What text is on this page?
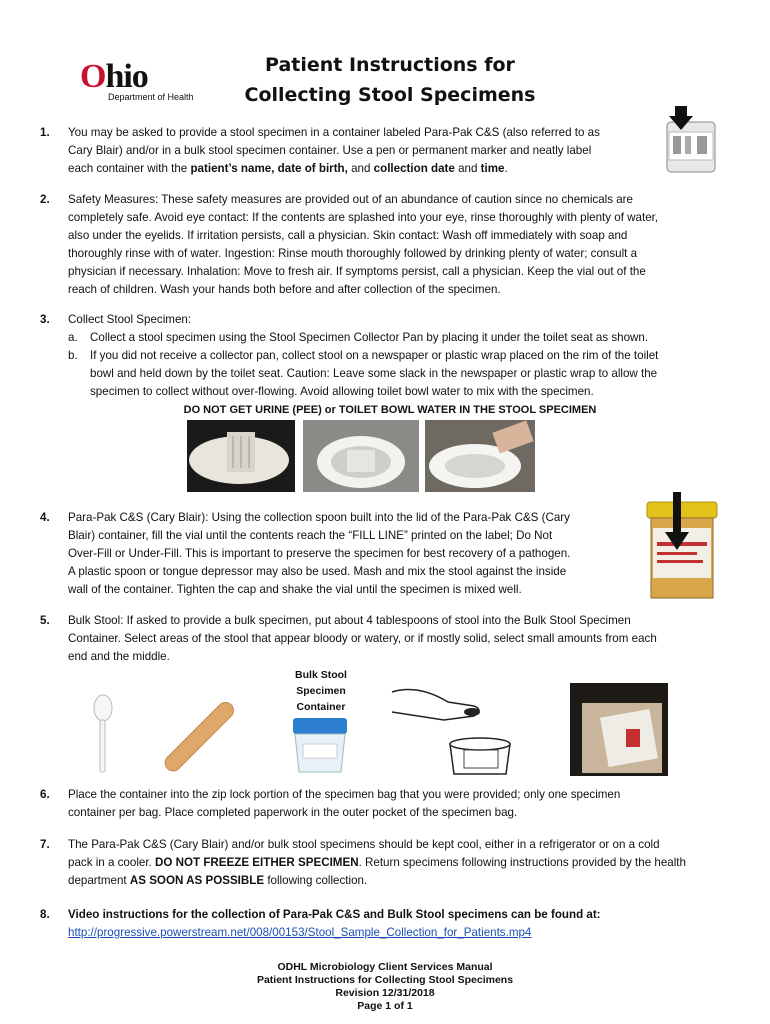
Ohio
Department of Health
Patient Instructions for
Collecting Stool Specimens
1. You may be asked to provide a stool specimen in a container labeled Para-Pak C&S (also referred to as
Cary Blair) and/or in a bulk stool specimen container. Use a pen or permanent marker and neatly label
each container with the patient’s name, date of birth, and collection date and time.
2. Safety Measures: These safety measures are provided out of an abundance of caution since no chemicals are
completely safe. Avoid eye contact: If the contents are splashed into your eye, rinse thoroughly with plenty of water,
also under the eyelids. If irritation persists, call a physician. Skin contact: Wash off immediately with soap and
thoroughly rinse with of water. Ingestion: Rinse mouth thoroughly followed by drinking plenty of water; consult a
physician if necessary. Inhalation: Move to fresh air. If symptoms persist, call a physician. Keep the vial out of the
reach of children. Wash your hands both before and after collection of the specimen.
3. Collect Stool Specimen:
a. Collect a stool specimen using the Stool Specimen Collector Pan by placing it under the toilet seat as shown.
b. If you did not receive a collector pan, collect stool on a newspaper or plastic wrap placed on the rim of the toilet
bowl and held down by the toilet seat. Caution: Leave some slack in the newspaper or plastic wrap to allow the
specimen to collect without over-flowing. Avoid allowing toilet bowl water to mix with the specimen.
DO NOT GET URINE (PEE) or TOILET BOWL WATER IN THE STOOL SPECIMEN
4. Para-Pak C&S (Cary Blair): Using the collection spoon built into the lid of the Para-Pak C&S (Cary
Blair) container, fill the vial until the contents reach the “FILL LINE” printed on the label; Do Not
Over-Fill or Under-Fill. This is important to preserve the specimen for best recovery of a pathogen.
A plastic spoon or tongue depressor may also be used. Mash and mix the stool against the inside
wall of the container. Tighten the cap and shake the vial until the specimen is mixed well.
5. Bulk Stool: If asked to provide a bulk specimen, put about 4 tablespoons of stool into the Bulk Stool Specimen
Container. Select areas of the stool that appear bloody or watery, or if mostly solid, select small amounts from each
end and the middle.
Bulk Stool
Specimen
Container
6. Place the container into the zip lock portion of the specimen bag that you were provided; only one specimen
container per bag. Place completed paperwork in the outer pocket of the specimen bag.
7. The Para-Pak C&S (Cary Blair) and/or bulk stool specimens should be kept cool, either in a refrigerator or on a cold
pack in a cooler. DO NOT FREEZE EITHER SPECIMEN. Return specimens following instructions provided by the health
department AS SOON AS POSSIBLE following collection.
8. Video instructions for the collection of Para-Pak C&S and Bulk Stool specimens can be found at:
http://progressive.powerstream.net/008/00153/Stool_Sample_Collection_for_Patients.mp4
ODHL Microbiology Client Services Manual
Patient Instructions for Collecting Stool Specimens
Revision 12/31/2018
Page 1 of 1
